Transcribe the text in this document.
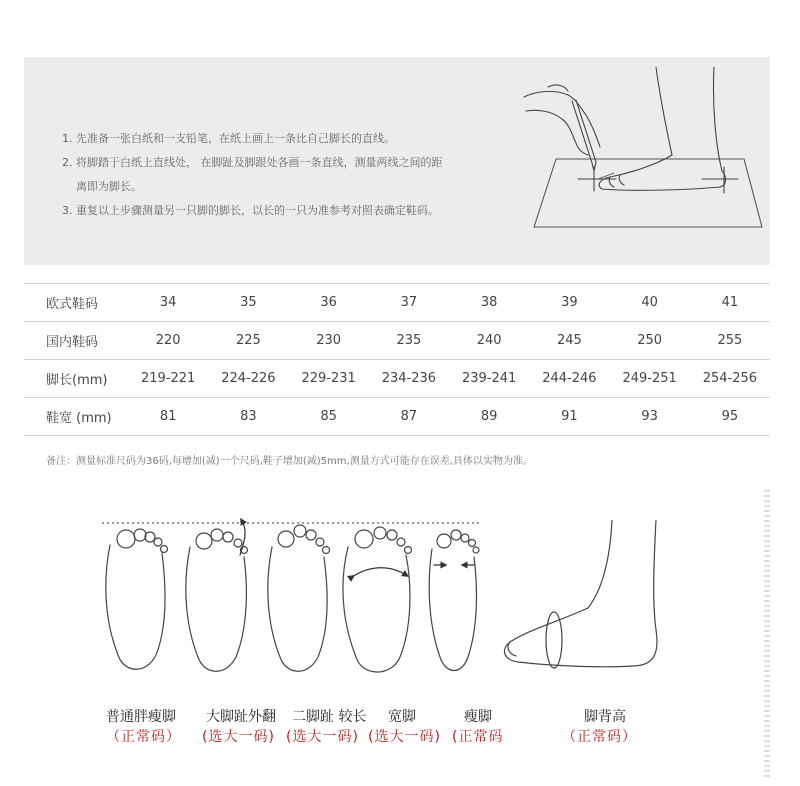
1. 先准备一张白纸和一支铅笔，在纸上画上一条比自己脚长的直线。
2. 将脚踏于白纸上直线处， 在脚趾及脚跟处各画一条直线，测量两线之间的距
离即为脚长。
3. 重复以上步骤测量另一只脚的脚长，以长的一只为准参考对照表确定鞋码。
欧式鞋码	34	35	36	37	38	39	40	41
国内鞋码	220	225	230	235	240	245	250	255
脚长(mm)	219-221	224-226	229-231	234-236	239-241	244-246	249-251	254-256
鞋宽 (mm)	81	83	85	87	89	91	93	95
备注：测量标准尺码为36码,每增加(减)一个尺码,鞋子增加(减)5mm,测量方式可能存在误差,具体以实物为准。
普通胖瘦脚
（正常码）
大脚趾外翻
(选大一码)
二脚趾 较长
(选大一码)
宽脚
(选大一码)
瘦脚
(正常码
脚背高
（正常码）
